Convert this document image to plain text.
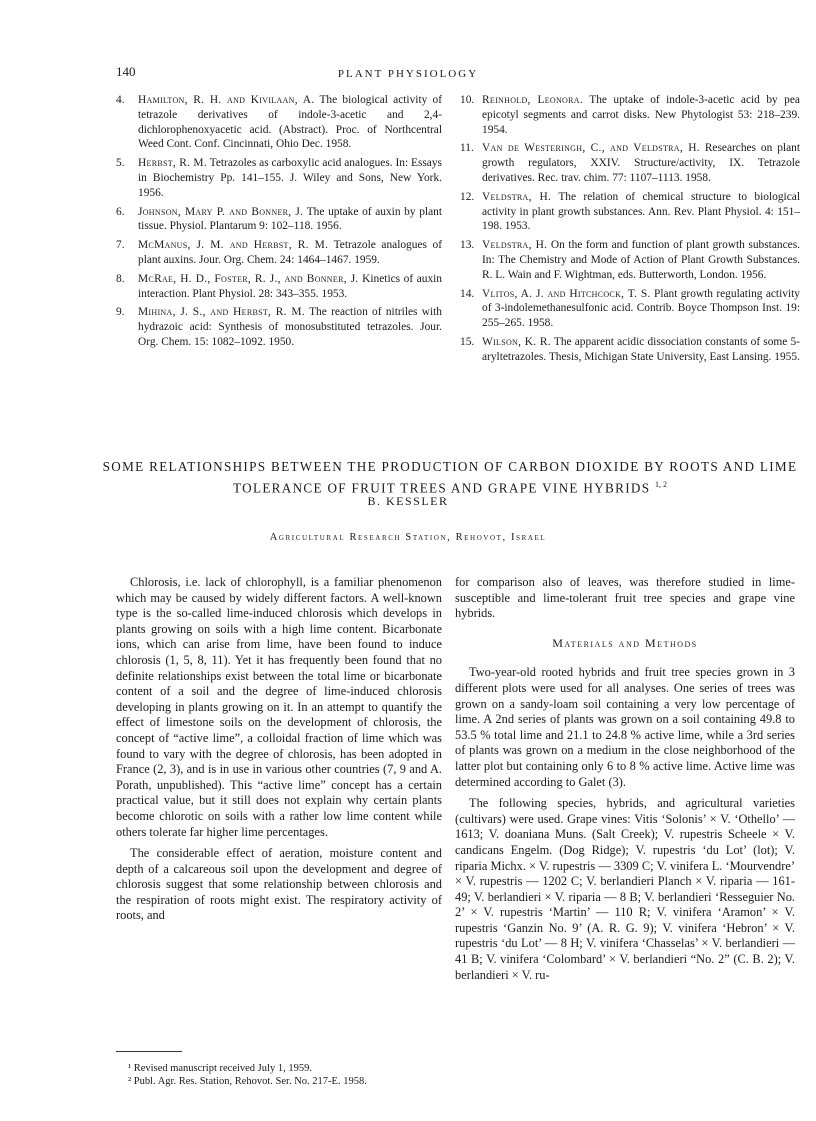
140	PLANT PHYSIOLOGY
4.	Hamilton, R. H. and Kivilaan, A. The biological activity of tetrazole derivatives of indole-3-acetic and 2,4-dichlorophenoxyacetic acid. (Abstract). Proc. of Northcentral Weed Cont. Conf. Cincinnati, Ohio Dec. 1958.
5.	Herbst, R. M. Tetrazoles as carboxylic acid analogues. In: Essays in Biochemistry Pp. 141–155. J. Wiley and Sons, New York. 1956.
6.	Johnson, Mary P. and Bonner, J. The uptake of auxin by plant tissue. Physiol. Plantarum 9: 102–118. 1956.
7.	McManus, J. M. and Herbst, R. M. Tetrazole analogues of plant auxins. Jour. Org. Chem. 24: 1464–1467. 1959.
8.	McRae, H. D., Foster, R. J., and Bonner, J. Kinetics of auxin interaction. Plant Physiol. 28: 343–355. 1953.
9.	Mihina, J. S., and Herbst, R. M. The reaction of nitriles with hydrazoic acid: Synthesis of monosubstituted tetrazoles. Jour. Org. Chem. 15: 1082–1092. 1950.
10. Reinhold, Leonora. The uptake of indole-3-acetic acid by pea epicotyl segments and carrot disks. New Phytologist 53: 218–239. 1954.
11. Van de Westeringh, C., and Veldstra, H. Researches on plant growth regulators, XXIV. Structure/activity, IX. Tetrazole derivatives. Rec. trav. chim. 77: 1107–1113. 1958.
12. Veldstra, H. The relation of chemical structure to biological activity in plant growth substances. Ann. Rev. Plant Physiol. 4: 151–198. 1953.
13. Veldstra, H. On the form and function of plant growth substances. In: The Chemistry and Mode of Action of Plant Growth Substances. R. L. Wain and F. Wightman, eds. Butterworth, London. 1956.
14. Vlitos, A. J. and Hitchcock, T. S. Plant growth regulating activity of 3-indolemethanesulfonic acid. Contrib. Boyce Thompson Inst. 19: 255–265. 1958.
15. Wilson, K. R. The apparent acidic dissociation constants of some 5-aryltetrazoles. Thesis, Michigan State University, East Lansing. 1955.
SOME RELATIONSHIPS BETWEEN THE PRODUCTION OF CARBON DIOXIDE BY ROOTS AND LIME TOLERANCE OF FRUIT TREES AND GRAPE VINE HYBRIDS $^{1, 2}$
B. KESSLER
Agricultural Research Station, Rehovot, Israel

Chlorosis, i.e. lack of chlorophyll, is a familiar phenomenon which may be caused by widely different factors. A well-known type is the so-called lime-induced chlorosis which develops in plants growing on soils with a high lime content. Bicarbonate ions, which can arise from lime, have been found to induce chlorosis (1, 5, 8, 11). Yet it has frequently been found that no definite relationships exist between the total lime or bicarbonate content of a soil and the degree of lime-induced chlorosis developing in plants growing on it. In an attempt to quantify the effect of limestone soils on the development of chlorosis, the concept of “active lime”, a colloidal fraction of lime which was found to vary with the degree of chlorosis, has been adopted in France (2, 3), and is in use in various other countries (7, 9 and A. Porath, unpublished). This “active lime” concept has a certain practical value, but it still does not explain why certain plants become chlorotic on soils with a rather low lime content while others tolerate far higher lime percentages.

The considerable effect of aeration, moisture content and depth of a calcareous soil upon the development and degree of chlorosis suggest that some relationship between chlorosis and the respiration of roots might exist. The respiratory activity of roots, and

for comparison also of leaves, was therefore studied in lime-susceptible and lime-tolerant fruit tree species and grape vine hybrids.

Materials and Methods

Two-year-old rooted hybrids and fruit tree species grown in 3 different plots were used for all analyses. One series of trees was grown on a sandy-loam soil containing a very low percentage of lime. A 2nd series of plants was grown on a soil containing 49.8 to 53.5 % total lime and 21.1 to 24.8 % active lime, while a 3rd series of plants was grown on a medium in the close neighborhood of the latter plot but containing only 6 to 8 % active lime. Active lime was determined according to Galet (3).

The following species, hybrids, and agricultural varieties (cultivars) were used. Grape vines: Vitis ‘Solonis’ × V. ‘Othello’ — 1613; V. doaniana Muns. (Salt Creek); V. rupestris Scheele × V. candicans Engelm. (Dog Ridge); V. rupestris ‘du Lot’ (lot); V. riparia Michx. × V. rupestris — 3309 C; V. vinifera L. ‘Mourvendre’ × V. rupestris — 1202 C; V. berlandieri Planch × V. riparia — 161-49; V. berlandieri × V. riparia — 8 B; V. berlandieri ‘Resseguier No. 2’ × V. rupestris ‘Martin’ — 110 R; V. vinifera ‘Aramon’ × V. rupestris ‘Ganzin No. 9’ (A. R. G. 9); V. vinifera ‘Hebron’ × V. rupestris ‘du Lot’ — 8 H; V. vinifera ‘Chasselas’ × V. berlandieri — 41 B; V. vinifera ‘Colombard’ × V. berlandieri “No. 2” (C. B. 2); V. berlandieri × V. ru-

¹ Revised manuscript received July 1, 1959.
² Publ. Agr. Res. Station, Rehovot. Ser. No. 217-E. 1958.
